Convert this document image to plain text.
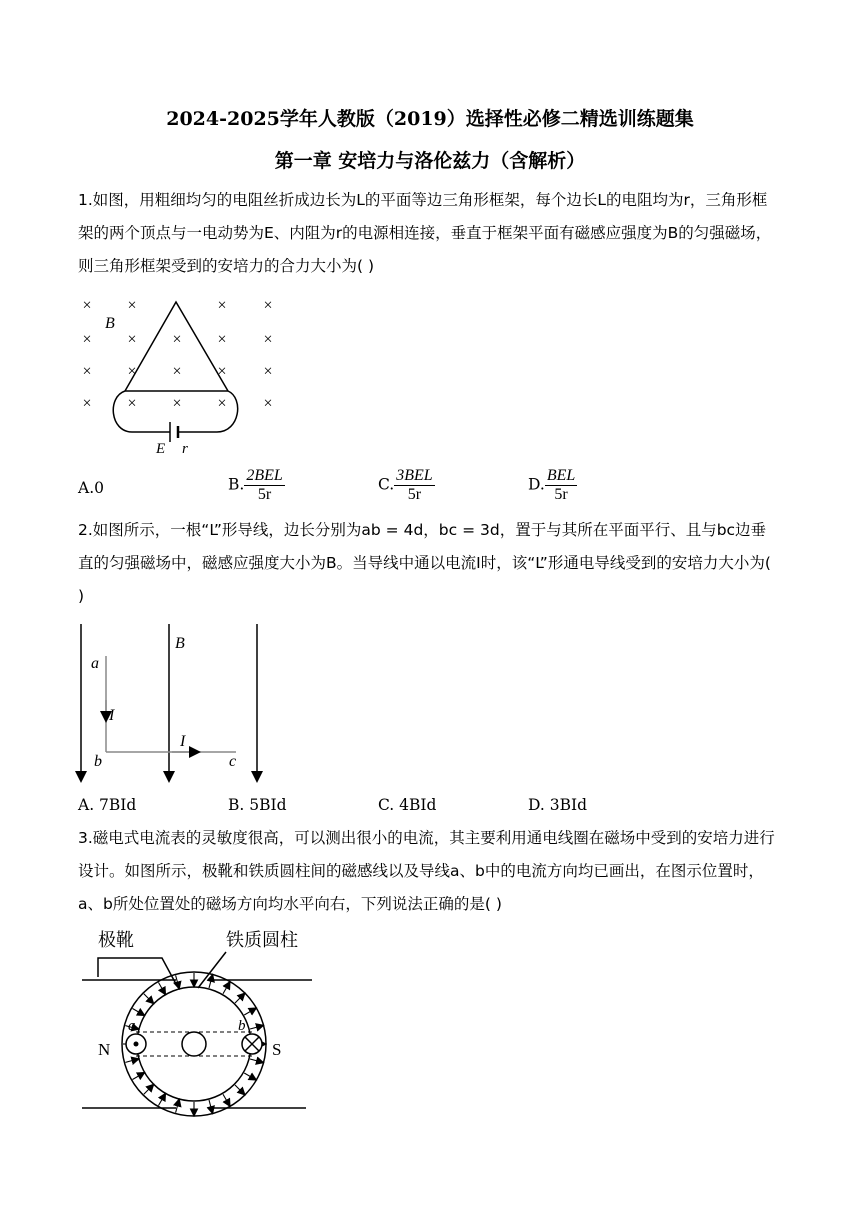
2024-2025学年人教版（2019）选择性必修二精选训练题集
第一章 安培力与洛伦兹力（含解析）
1.如图，用粗细均匀的电阻丝折成边长为L的平面等边三角形框架，每个边长L的电阻均为r，三角形框架的两个顶点与一电动势为E、内阻为r的电源相连接，垂直于框架平面有磁感应强度为B的匀强磁场，则三角形框架受到的安培力的合力大小为( )
× ×	× ×
× × × × ×
× × × × ×
× × × × ×
B
E r
A.0	B. $\frac{\text{2BEL}}{5r}$	C. $\frac{\text{3BEL}}{5r}$	D. $\frac{\text{BEL}}{5r}$
2.如图所示，一根“L”形导线，边长分别为ab = 4d，bc = 3d，置于与其所在平面平行、且与bc边垂直的匀强磁场中，磁感应强度大小为B。当导线中通以电流I时，该“L”形通电导线受到的安培力大小为( )
B
a
I
I
b	c
A. 7BId	B. 5BId	C. 4BId	D. 3BId
3.磁电式电流表的灵敏度很高，可以测出很小的电流，其主要利用通电线圈在磁场中受到的安培力进行设计。如图所示，极靴和铁质圆柱间的磁感线以及导线a、b中的电流方向均已画出，在图示位置时，a、b所处位置处的磁场方向均水平向右，下列说法正确的是( )
极靴	铁质圆柱
a	b
N	S
